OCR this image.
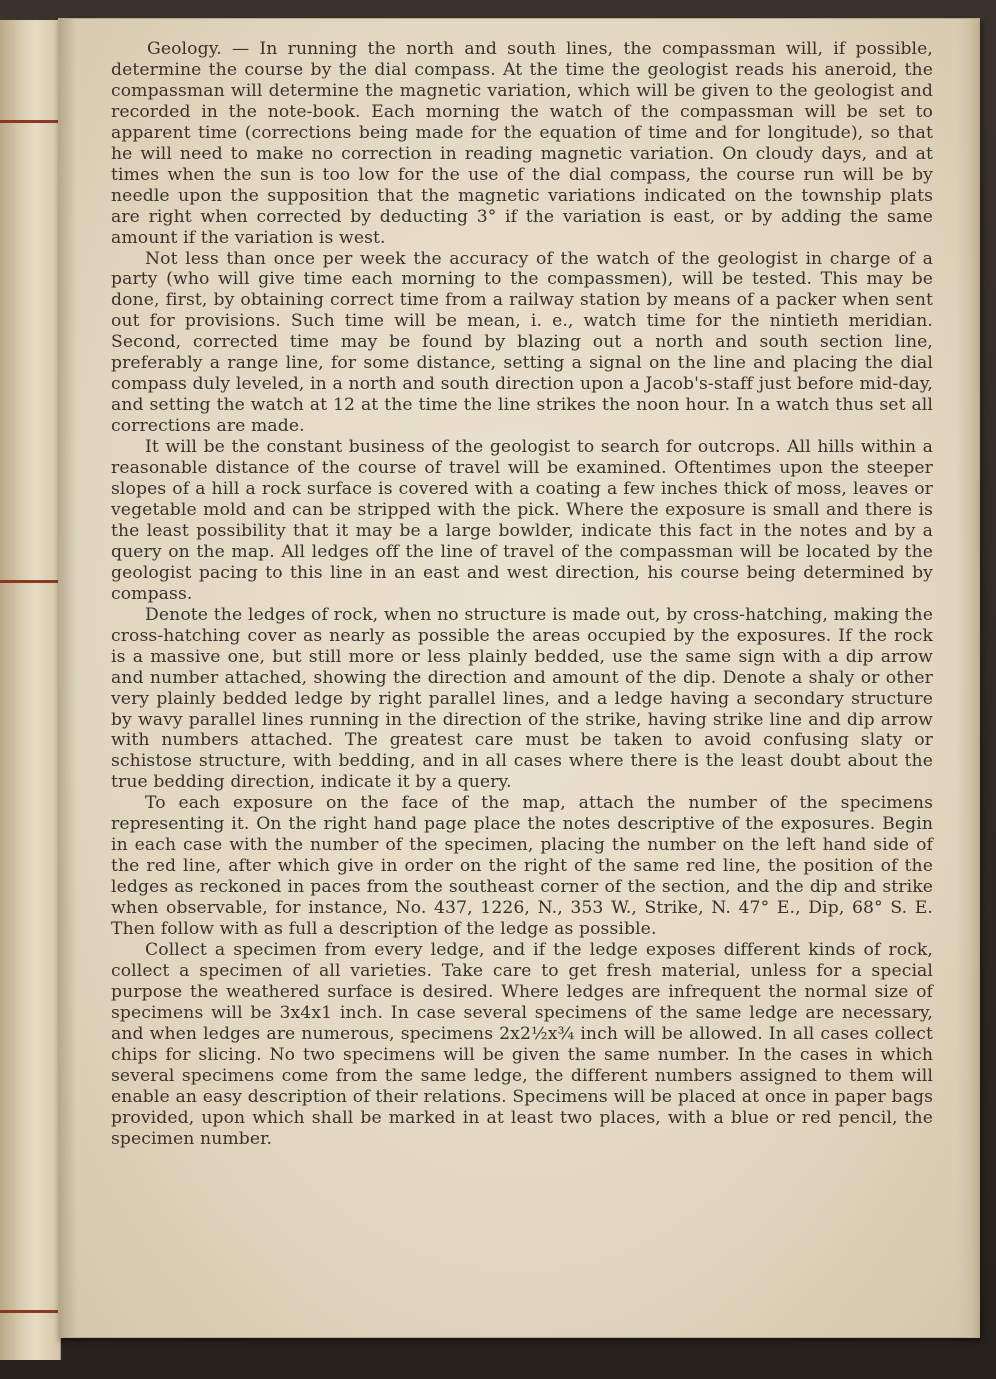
Geology. — In running the north and south lines, the compassman will, if possible, determine the course by the dial compass. At the time the geologist reads his aneroid, the compassman will determine the magnetic variation, which will be given to the geologist and recorded in the note-book. Each morning the watch of the compassman will be set to apparent time (corrections being made for the equation of time and for longitude), so that he will need to make no correction in reading magnetic variation. On cloudy days, and at times when the sun is too low for the use of the dial compass, the course run will be by needle upon the supposition that the magnetic variations indicated on the township plats are right when corrected by deducting 3° if the variation is east, or by adding the same amount if the variation is west.

Not less than once per week the accuracy of the watch of the geologist in charge of a party (who will give time each morning to the compassmen), will be tested. This may be done, first, by obtaining correct time from a railway station by means of a packer when sent out for provisions. Such time will be mean, i. e., watch time for the nintieth meridian. Second, corrected time may be found by blazing out a north and south section line, preferably a range line, for some distance, setting a signal on the line and placing the dial compass duly leveled, in a north and south direction upon a Jacob's-staff just before mid-day, and setting the watch at 12 at the time the line strikes the noon hour. In a watch thus set all corrections are made.

It will be the constant business of the geologist to search for outcrops. All hills within a reasonable distance of the course of travel will be examined. Oftentimes upon the steeper slopes of a hill a rock surface is covered with a coating a few inches thick of moss, leaves or vegetable mold and can be stripped with the pick. Where the exposure is small and there is the least possibility that it may be a large bowlder, indicate this fact in the notes and by a query on the map. All ledges off the line of travel of the compassman will be located by the geologist pacing to this line in an east and west direction, his course being determined by compass.

Denote the ledges of rock, when no structure is made out, by cross-hatching, making the cross-hatching cover as nearly as possible the areas occupied by the exposures. If the rock is a massive one, but still more or less plainly bedded, use the same sign with a dip arrow and number attached, showing the direction and amount of the dip. Denote a shaly or other very plainly bedded ledge by right parallel lines, and a ledge having a secondary structure by wavy parallel lines running in the direction of the strike, having strike line and dip arrow with numbers attached. The greatest care must be taken to avoid confusing slaty or schistose structure, with bedding, and in all cases where there is the least doubt about the true bedding direction, indicate it by a query.

To each exposure on the face of the map, attach the number of the specimens representing it. On the right hand page place the notes descriptive of the exposures. Begin in each case with the number of the specimen, placing the number on the left hand side of the red line, after which give in order on the right of the same red line, the position of the ledges as reckoned in paces from the southeast corner of the section, and the dip and strike when observable, for instance, No. 437, 1226, N., 353 W., Strike, N. 47° E., Dip, 68° S. E. Then follow with as full a description of the ledge as possible.

Collect a specimen from every ledge, and if the ledge exposes different kinds of rock, collect a specimen of all varieties. Take care to get fresh material, unless for a special purpose the weathered surface is desired. Where ledges are infrequent the normal size of specimens will be 3x4x1 inch. In case several specimens of the same ledge are necessary, and when ledges are numerous, specimens 2x2½x¾ inch will be allowed. In all cases collect chips for slicing. No two specimens will be given the same number. In the cases in which several specimens come from the same ledge, the different numbers assigned to them will enable an easy description of their relations. Specimens will be placed at once in paper bags provided, upon which shall be marked in at least two places, with a blue or red pencil, the specimen number.
